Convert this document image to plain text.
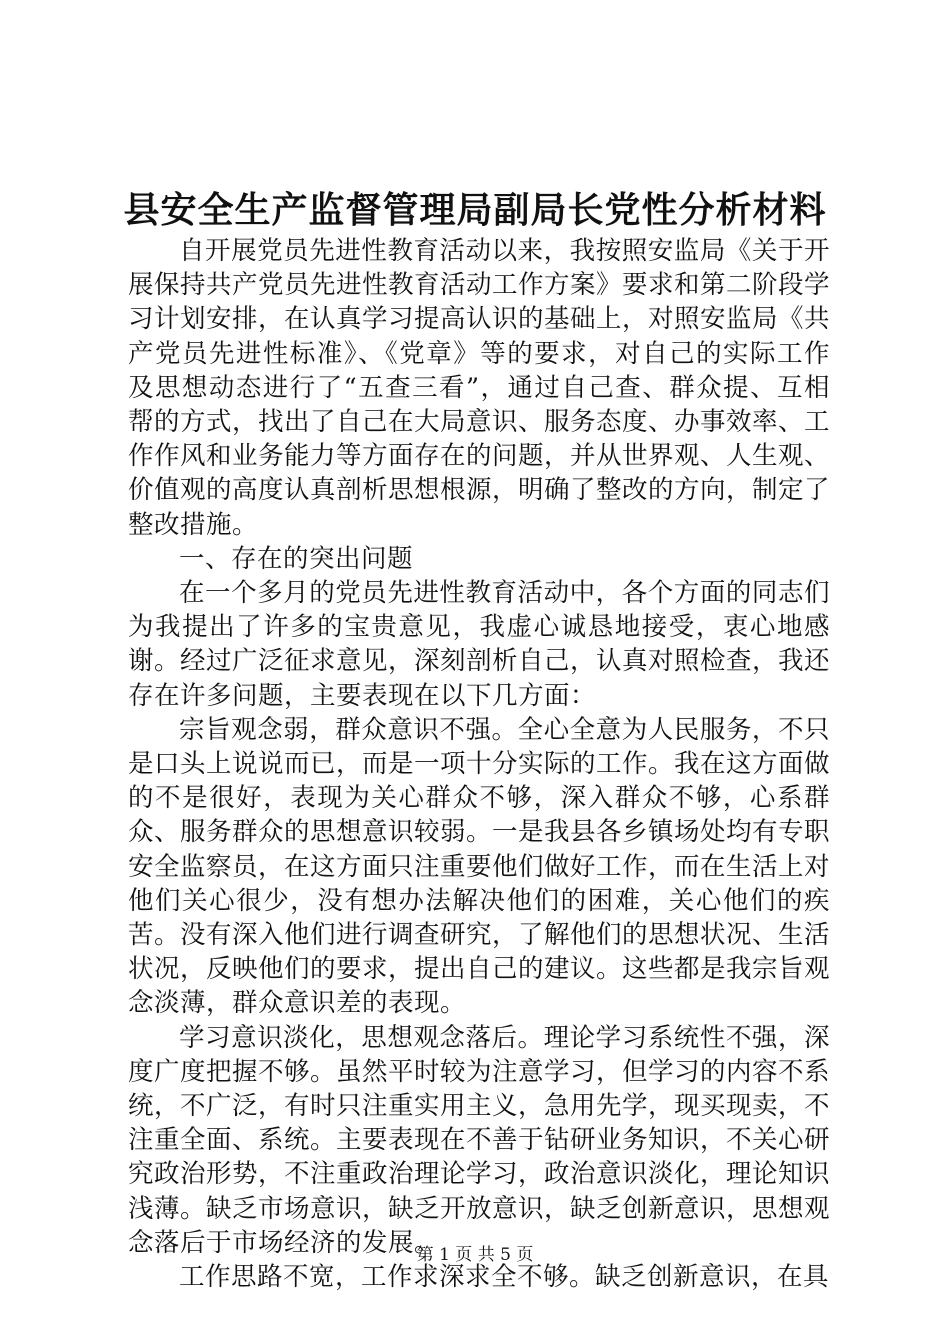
县安全生产监督管理局副局长党性分析材料

自开展党员先进性教育活动以来，我按照安监局《关于开展保持共产党员先进性教育活动工作方案》要求和第二阶段学习计划安排，在认真学习提高认识的基础上，对照安监局《共产党员先进性标准》、《党章》等的要求，对自己的实际工作及思想动态进行了“五查三看”，通过自己查、群众提、互相帮的方式，找出了自己在大局意识、服务态度、办事效率、工作作风和业务能力等方面存在的问题，并从世界观、人生观、价值观的高度认真剖析思想根源，明确了整改的方向，制定了整改措施。

一、存在的突出问题

在一个多月的党员先进性教育活动中，各个方面的同志们为我提出了许多的宝贵意见，我虚心诚恳地接受，衷心地感谢。经过广泛征求意见，深刻剖析自己，认真对照检查，我还存在许多问题，主要表现在以下几方面：

宗旨观念弱，群众意识不强。全心全意为人民服务，不只是口头上说说而已，而是一项十分实际的工作。我在这方面做的不是很好，表现为关心群众不够，深入群众不够，心系群众、服务群众的思想意识较弱。一是我县各乡镇场处均有专职安全监察员，在这方面只注重要他们做好工作，而在生活上对他们关心很少，没有想办法解决他们的困难，关心他们的疾苦。没有深入他们进行调查研究，了解他们的思想状况、生活状况，反映他们的要求，提出自己的建议。这些都是我宗旨观念淡薄，群众意识差的表现。

学习意识淡化，思想观念落后。理论学习系统性不强，深度广度把握不够。虽然平时较为注意学习，但学习的内容不系统，不广泛，有时只注重实用主义，急用先学，现买现卖，不注重全面、系统。主要表现在不善于钻研业务知识，不关心研究政治形势，不注重政治理论学习，政治意识淡化，理论知识浅薄。缺乏市场意识，缺乏开放意识，缺乏创新意识，思想观念落后于市场经济的发展。

工作思路不宽，工作求深求全不够。缺乏创新意识，在具

第 1 页 共 5 页
